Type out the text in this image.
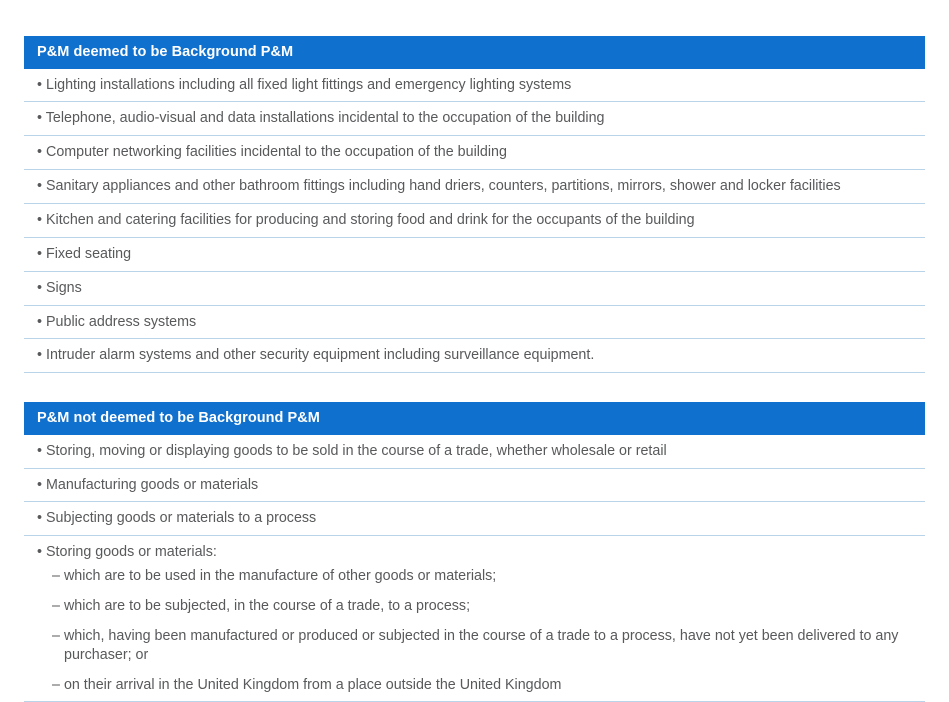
P&M deemed to be Background P&M
• Lighting installations including all fixed light fittings and emergency lighting systems
• Telephone, audio-visual and data installations incidental to the occupation of the building
• Computer networking facilities incidental to the occupation of the building
• Sanitary appliances and other bathroom fittings including hand driers, counters, partitions, mirrors, shower and locker facilities
• Kitchen and catering facilities for producing and storing food and drink for the occupants of the building
• Fixed seating
• Signs
• Public address systems
• Intruder alarm systems and other security equipment including surveillance equipment.
P&M not deemed to be Background P&M
• Storing, moving or displaying goods to be sold in the course of a trade, whether wholesale or retail
• Manufacturing goods or materials
• Subjecting goods or materials to a process
• Storing goods or materials:
– which are to be used in the manufacture of other goods or materials;
– which are to be subjected, in the course of a trade, to a process;
– which, having been manufactured or produced or subjected in the course of a trade to a process, have not yet been delivered to any purchaser; or
– on their arrival in the United Kingdom from a place outside the United Kingdom
